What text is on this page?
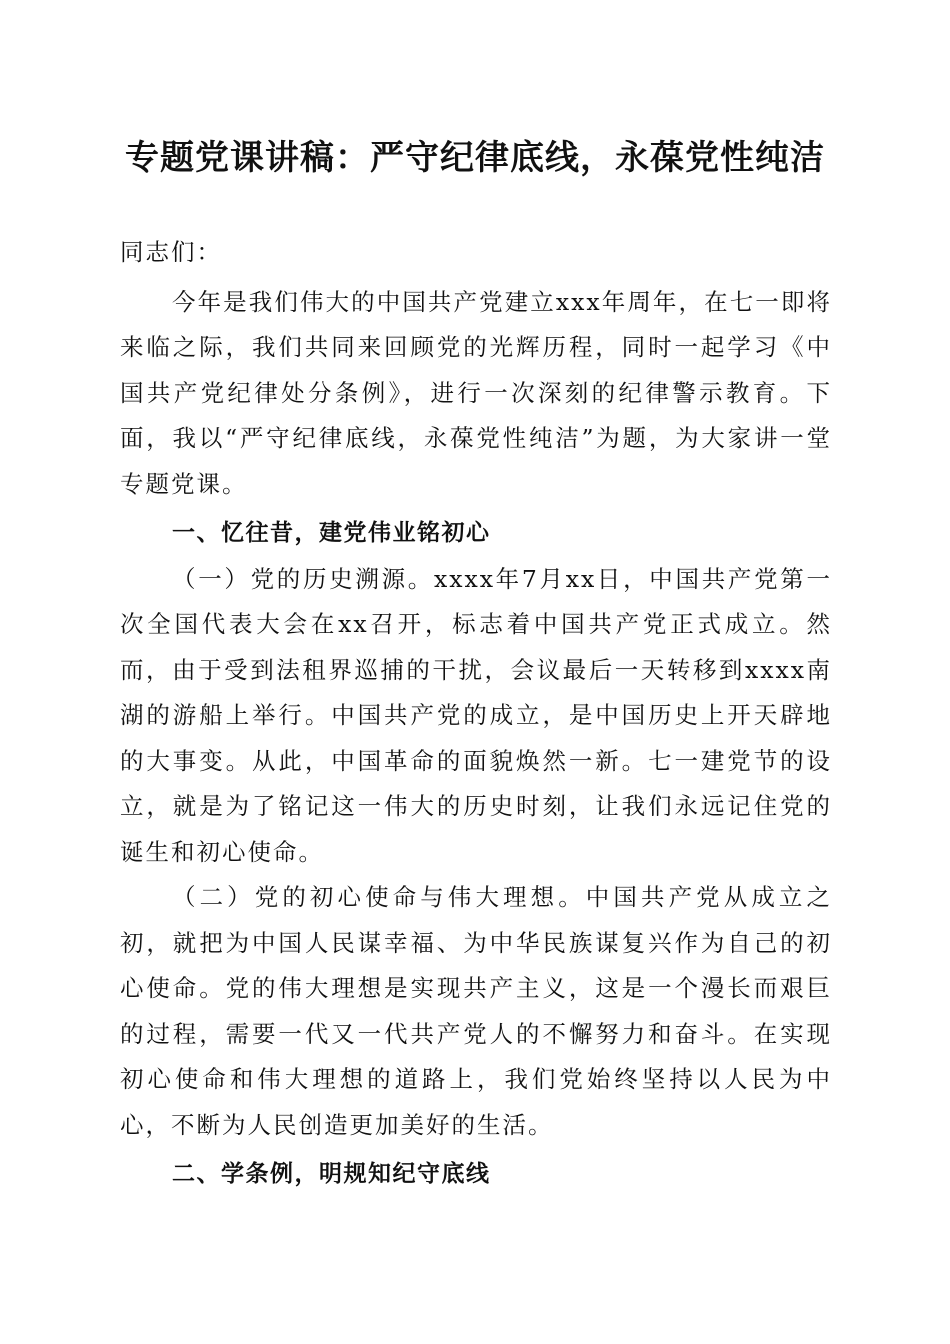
专题党课讲稿：严守纪律底线，永葆党性纯洁

同志们：

今年是我们伟大的中国共产党建立xxx年周年，在七一即将来临之际，我们共同来回顾党的光辉历程，同时一起学习《中国共产党纪律处分条例》，进行一次深刻的纪律警示教育。下面，我以“严守纪律底线，永葆党性纯洁”为题，为大家讲一堂专题党课。

一、忆往昔，建党伟业铭初心

（一）党的历史溯源。xxxx年7月xx日，中国共产党第一次全国代表大会在xx召开，标志着中国共产党正式成立。然而，由于受到法租界巡捕的干扰，会议最后一天转移到xxxx南湖的游船上举行。中国共产党的成立，是中国历史上开天辟地的大事变。从此，中国革命的面貌焕然一新。七一建党节的设立，就是为了铭记这一伟大的历史时刻，让我们永远记住党的诞生和初心使命。

（二）党的初心使命与伟大理想。中国共产党从成立之初，就把为中国人民谋幸福、为中华民族谋复兴作为自己的初心使命。党的伟大理想是实现共产主义，这是一个漫长而艰巨的过程，需要一代又一代共产党人的不懈努力和奋斗。在实现初心使命和伟大理想的道路上，我们党始终坚持以人民为中心，不断为人民创造更加美好的生活。

二、学条例，明规知纪守底线
